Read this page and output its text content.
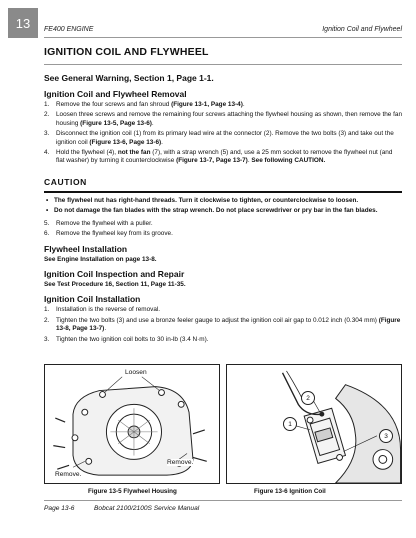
13	FE400 ENGINE	Ignition Coil and Flywheel
IGNITION COIL AND FLYWHEEL
See General Warning, Section 1, Page 1-1.
Ignition Coil and Flywheel Removal
1. Remove the four screws and fan shroud (Figure 13-1, Page 13-4).
2. Loosen three screws and remove the remaining four screws attaching the flywheel housing as shown, then remove the fan housing (Figure 13-5, Page 13-6).
3. Disconnect the ignition coil (1) from its primary lead wire at the connector (2). Remove the two bolts (3) and take out the ignition coil (Figure 13-6, Page 13-6).
4. Hold the flywheel (4), not the fan (7), with a strap wrench (5) and, use a 25 mm socket to remove the flywheel nut (and flat washer) by turning it counterclockwise (Figure 13-7, Page 13-7). See following CAUTION.
CAUTION
• The flywheel nut has right-hand threads. Turn it clockwise to tighten, or counterclockwise to loosen.
• Do not damage the fan blades with the strap wrench. Do not place screwdriver or pry bar in the fan blades.
5. Remove the flywheel with a puller.
6. Remove the flywheel key from its groove.
Flywheel Installation
See Engine Installation on page 13-8.
Ignition Coil Inspection and Repair
See Test Procedure 16, Section 11, Page 11-35.
Ignition Coil Installation
1. Installation is the reverse of removal.
2. Tighten the two bolts (3) and use a bronze feeler gauge to adjust the ignition coil air gap to 0.012 inch (0.304 mm) (Figure 13-8, Page 13-7).
3. Tighten the two ignition coil bolts to 30 in-lb (3.4 N·m).
Loosen
Remove.
Remove.
2
1
3
Figure 13-5 Flywheel Housing	Figure 13-6 Ignition Coil
Page 13-6	Bobcat 2100/2100S Service Manual
